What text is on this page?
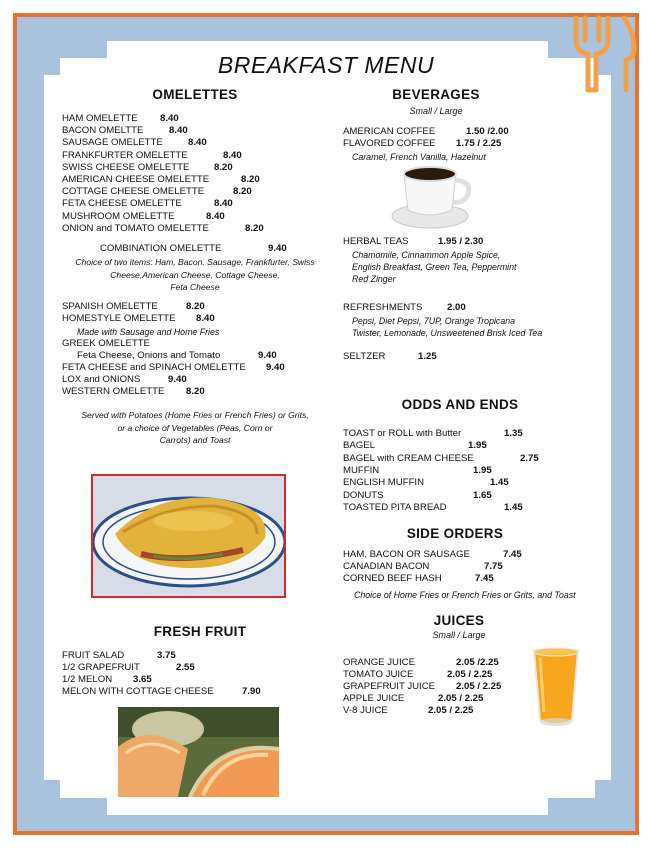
BREAKFAST MENU
OMELETTES
HAM OMELETTE 8.40
BACON OMELTTE	8.40
SAUSAGE OMELETTE	8.40
FRANKFURTER OMELETTE	8.40
SWISS CHEESE OMELETTE	8.20
AMERICAN CHEESE OMELETTE	8.20
COTTAGE CHEESE OMELETTE	8.20
FETA CHEESE OMELETTE	8.40
MUSHROOM OMELETTE	8.40
ONION and TOMATO OMELETTE	8.20
COMBINATION OMELETTE	9.40
Choice of two items: Ham, Bacon, Sausage, Frankfurter, Swiss
Cheese,American Cheese, Cottage Cheese,
Feta Cheese
SPANISH OMELETTE	8.20
HOMESTYLE OMELETTE 8.40
Made with Sausage and Home Fries
GREEK OMELETTE
Feta Cheese, Onions and Tomato	9.40
FETA CHEESE and SPINACH OMELETTE 9.40
LOX and ONIONS	9.40
WESTERN OMELETTE 8.20
Served with Potatoes (Home Fries or French Fries) or Grits,
or a choice of Vegetables (Peas, Corn or
Carrots) and Toast
FRESH FRUIT
FRUIT SALAD	3.75
1/2 GRAPEFRUIT	2.55
1/2 MELON 3.65
MELON WITH COTTAGE CHEESE	7.90
BEVERAGES
Small / Large
AMERICAN COFFEE	1.50 /2.00
FLAVORED COFFEE 1.75 / 2.25
Caramel, French Vanilla, Hazelnut
HERBAL TEAS	1.95 / 2.30
Chamomile, Cinnammon Apple Spice,
English Breakfast, Green Tea, Peppermint
Red Zinger
REFRESHMENTS	2.00
Pepsi, Diet Pepsi, 7UP, Orange Tropicana
Twister, Lemonade, Unsweetened Brisk Iced Tea
SELTZER	1.25
ODDS AND ENDS
TOAST or ROLL with Butter	1.35
BAGEL	1.95
BAGEL with CREAM CHEESE	2.75
MUFFIN	1.95
ENGLISH MUFFIN	1.45
DONUTS	1.65
TOASTED PITA BREAD	1.45
SIDE ORDERS
HAM, BACON OR SAUSAGE	7.45
CANADIAN BACON	7.75
CORNED BEEF HASH	7.45
Choice of Home Fries or French Fries or Grits, and Toast
JUICES
Small / Large
ORANGE JUICE	2.05 /2.25
TOMATO JUICE	2.05 / 2.25
GRAPEFRUIT JUICE 2.05 / 2.25
APPLE JUICE	2.05 / 2.25
V-8 JUICE	2.05 / 2.25
